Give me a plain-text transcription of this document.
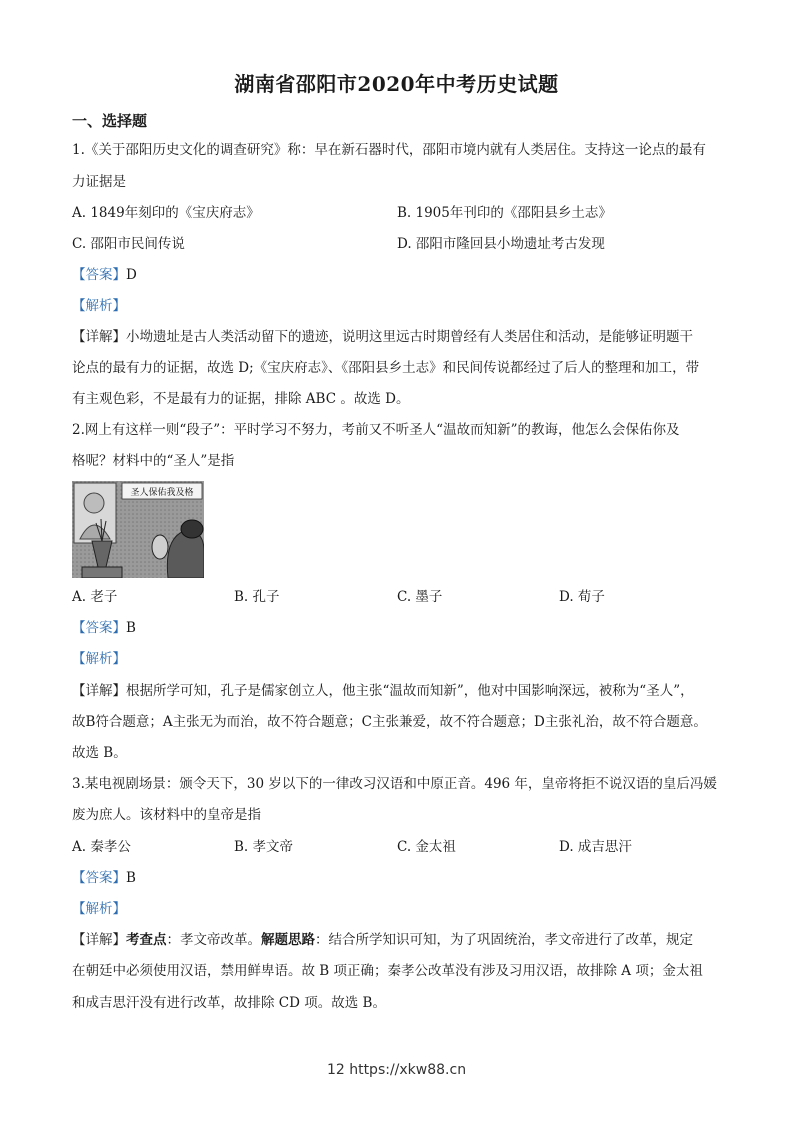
湖南省邵阳市2020年中考历史试题
一、选择题
1.《关于邵阳历史文化的调查研究》称：早在新石器时代，邵阳市境内就有人类居住。支持这一论点的最有
力证据是
A. 1849年刻印的《宝庆府志》	B. 1905年刊印的《邵阳县乡土志》
C. 邵阳市民间传说	D. 邵阳市隆回县小坳遗址考古发现
【答案】D
【解析】
【详解】小坳遗址是古人类活动留下的遗迹，说明这里远古时期曾经有人类居住和活动，是能够证明题干
论点的最有力的证据，故选 D;《宝庆府志》、《邵阳县乡土志》和民间传说都经过了后人的整理和加工，带
有主观色彩，不是最有力的证据，排除 ABC 。故选 D。
2.网上有这样一则“段子”：平时学习不努力，考前又不听圣人“温故而知新”的教诲，他怎么会保佑你及
格呢？材料中的“圣人”是指
圣人保佑我及格
A. 老子	B. 孔子	C. 墨子	D. 荀子
【答案】B
【解析】
【详解】根据所学可知，孔子是儒家创立人，他主张“温故而知新”，他对中国影响深远，被称为“圣人”，
故B符合题意；A主张无为而治，故不符合题意；C主张兼爱，故不符合题意；D主张礼治，故不符合题意。
故选 B。
3.某电视剧场景：颁令天下，30 岁以下的一律改习汉语和中原正音。496 年，皇帝将拒不说汉语的皇后冯媛
废为庶人。该材料中的皇帝是指
A. 秦孝公	B. 孝文帝	C. 金太祖	D. 成吉思汗
【答案】B
【解析】
【详解】考查点：孝文帝改革。解题思路：结合所学知识可知，为了巩固统治，孝文帝进行了改革，规定
在朝廷中必须使用汉语，禁用鲜卑语。故 B 项正确；秦孝公改革没有涉及习用汉语，故排除 A 项；金太祖
和成吉思汗没有进行改革，故排除 CD 项。故选 B。
12 https://xkw88.cn
